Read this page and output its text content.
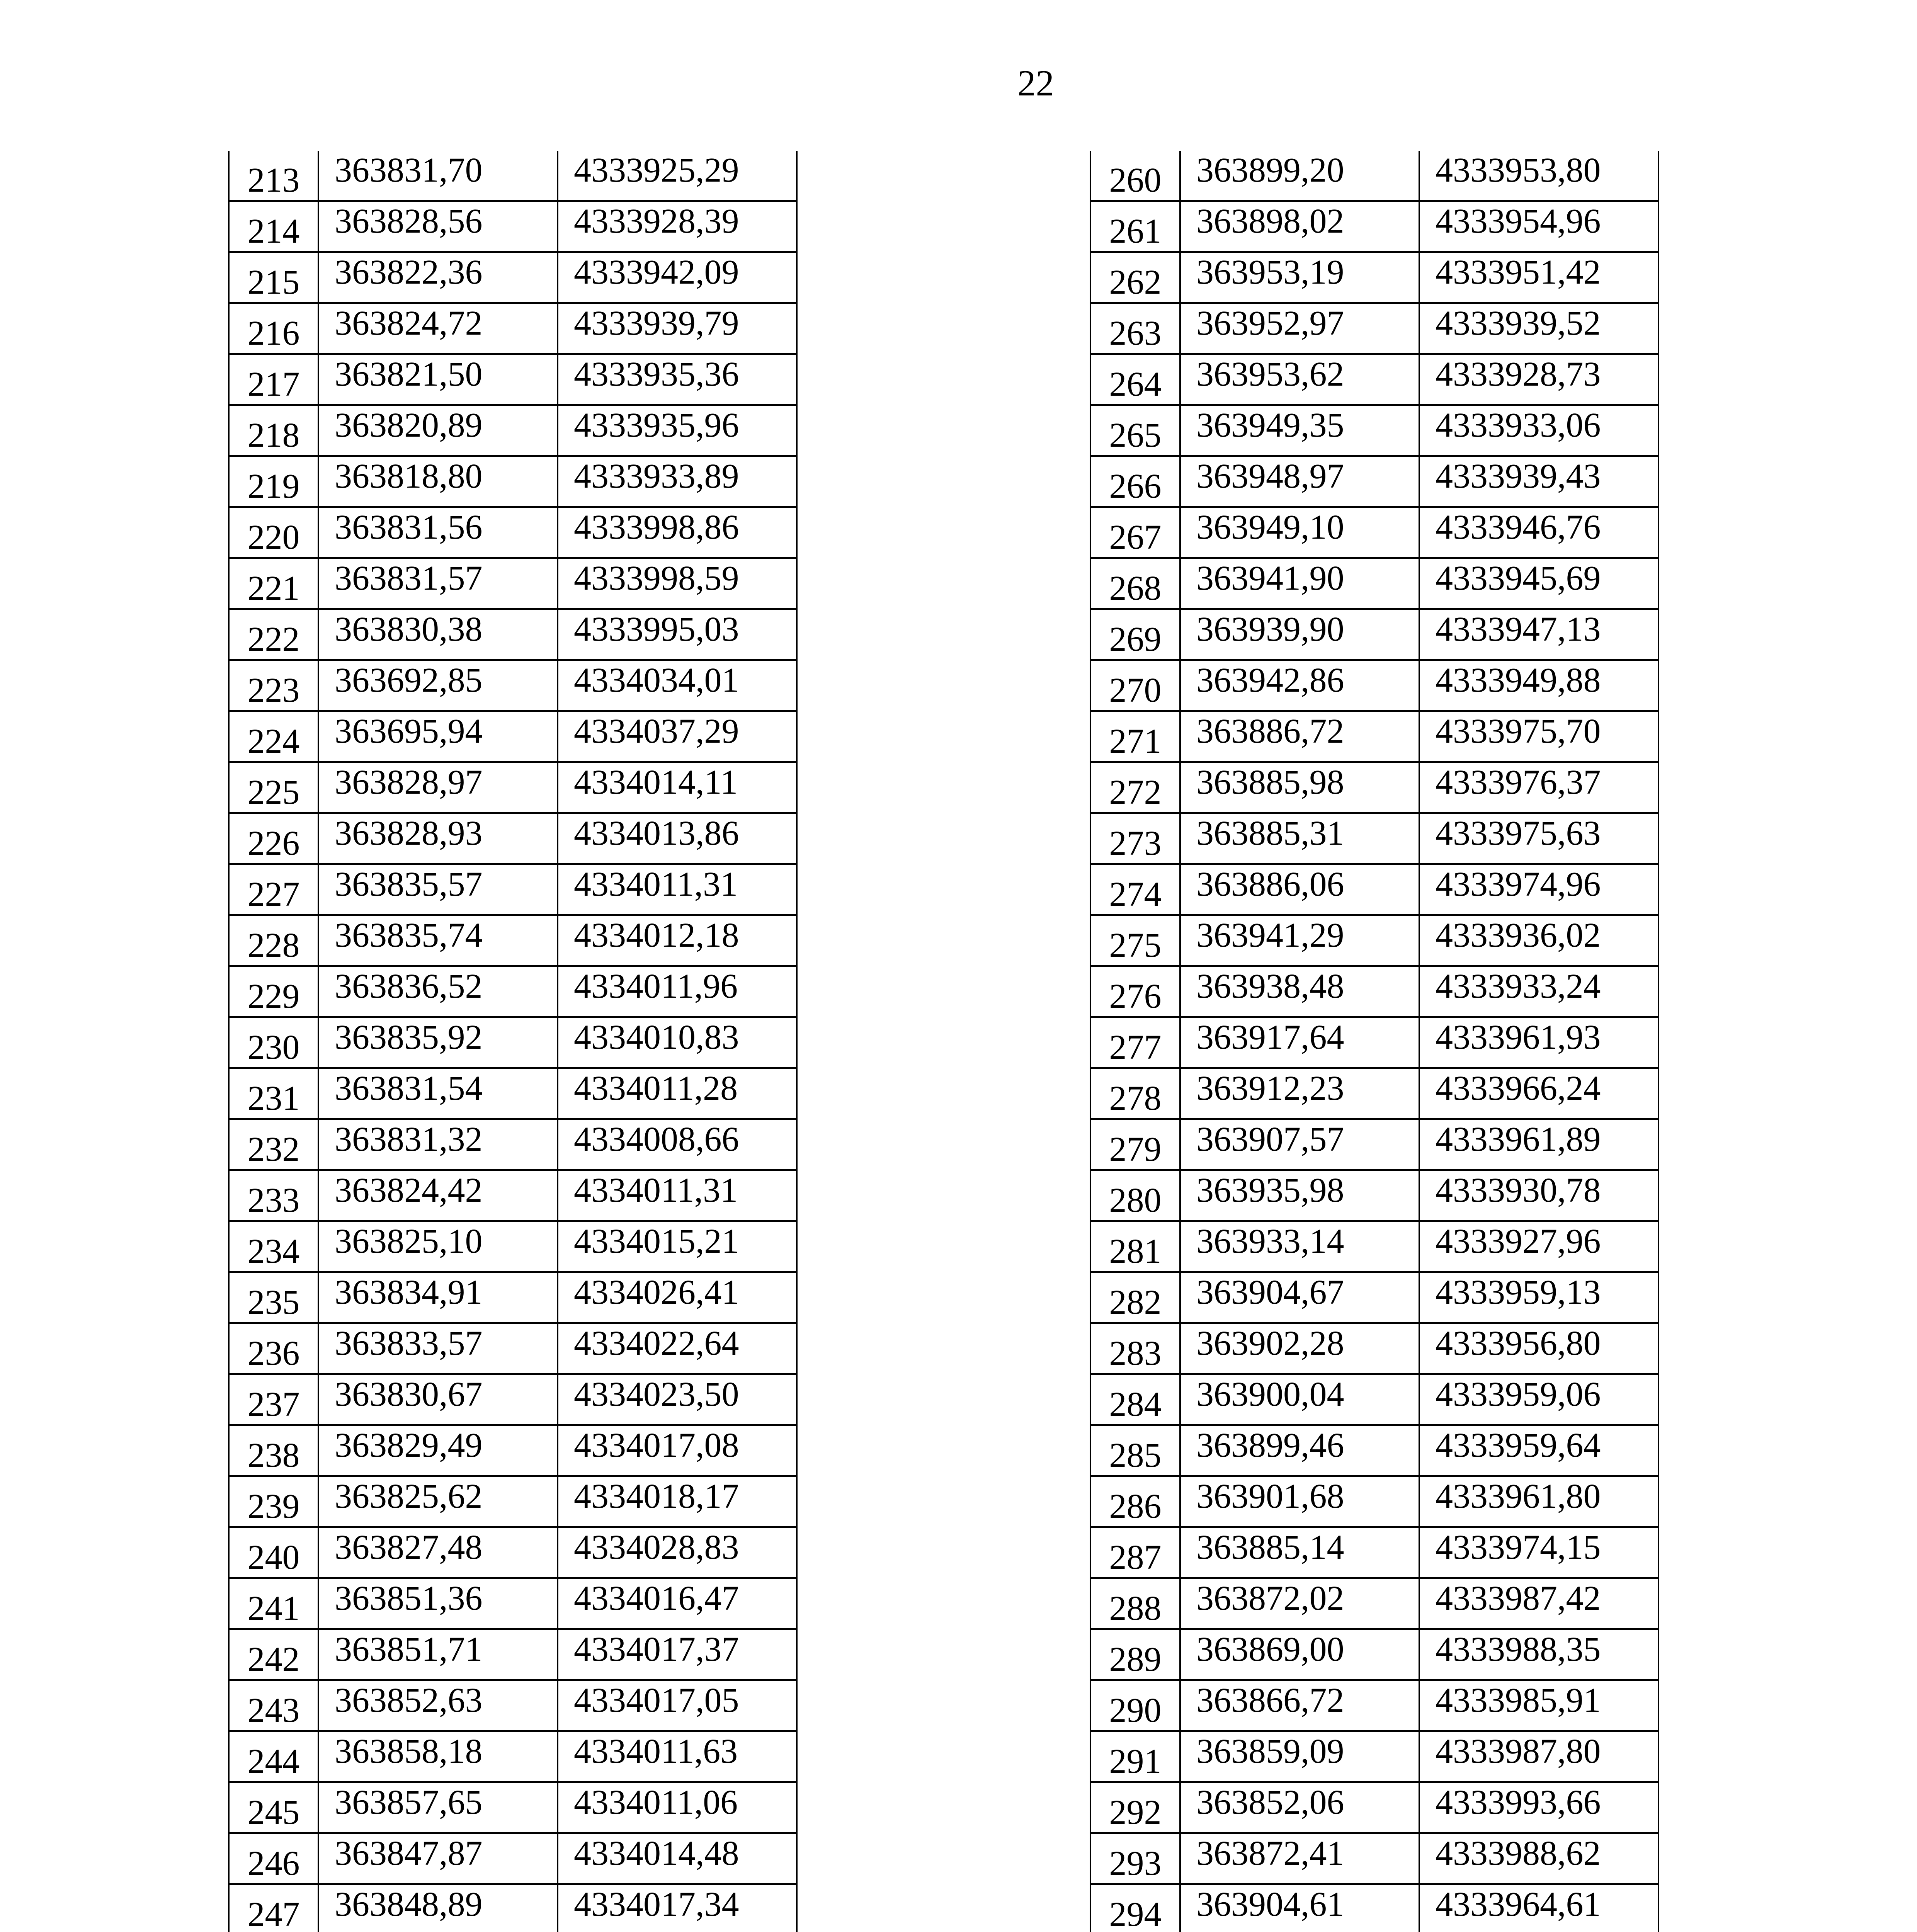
22
213	363831,70	4333925,29
214	363828,56	4333928,39
215	363822,36	4333942,09
216	363824,72	4333939,79
217	363821,50	4333935,36
218	363820,89	4333935,96
219	363818,80	4333933,89
220	363831,56	4333998,86
221	363831,57	4333998,59
222	363830,38	4333995,03
223	363692,85	4334034,01
224	363695,94	4334037,29
225	363828,97	4334014,11
226	363828,93	4334013,86
227	363835,57	4334011,31
228	363835,74	4334012,18
229	363836,52	4334011,96
230	363835,92	4334010,83
231	363831,54	4334011,28
232	363831,32	4334008,66
233	363824,42	4334011,31
234	363825,10	4334015,21
235	363834,91	4334026,41
236	363833,57	4334022,64
237	363830,67	4334023,50
238	363829,49	4334017,08
239	363825,62	4334018,17
240	363827,48	4334028,83
241	363851,36	4334016,47
242	363851,71	4334017,37
243	363852,63	4334017,05
244	363858,18	4334011,63
245	363857,65	4334011,06
246	363847,87	4334014,48
247	363848,89	4334017,34

260	363899,20	4333953,80
261	363898,02	4333954,96
262	363953,19	4333951,42
263	363952,97	4333939,52
264	363953,62	4333928,73
265	363949,35	4333933,06
266	363948,97	4333939,43
267	363949,10	4333946,76
268	363941,90	4333945,69
269	363939,90	4333947,13
270	363942,86	4333949,88
271	363886,72	4333975,70
272	363885,98	4333976,37
273	363885,31	4333975,63
274	363886,06	4333974,96
275	363941,29	4333936,02
276	363938,48	4333933,24
277	363917,64	4333961,93
278	363912,23	4333966,24
279	363907,57	4333961,89
280	363935,98	4333930,78
281	363933,14	4333927,96
282	363904,67	4333959,13
283	363902,28	4333956,80
284	363900,04	4333959,06
285	363899,46	4333959,64
286	363901,68	4333961,80
287	363885,14	4333974,15
288	363872,02	4333987,42
289	363869,00	4333988,35
290	363866,72	4333985,91
291	363859,09	4333987,80
292	363852,06	4333993,66
293	363872,41	4333988,62
294	363904,61	4333964,61
